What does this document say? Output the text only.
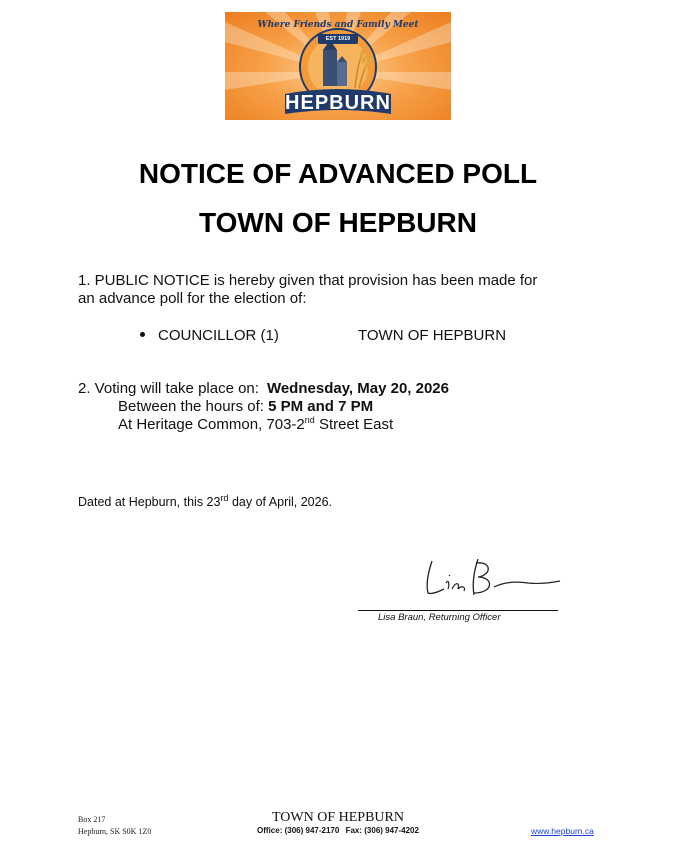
Where Friends and Family Meet
EST 1919
HEPBURN
NOTICE OF ADVANCED POLL
TOWN OF HEPBURN
1. PUBLIC NOTICE is hereby given that provision has been made for
an advance poll for the election of:
COUNCILLOR (1)	TOWN OF HEPBURN
2. Voting will take place on: Wednesday, May 20, 2026
Between the hours of: 5 PM and 7 PM
At Heritage Common, 703-2nd Street East
Dated at Hepburn, this 23rd day of April, 2026.
Lisa Braun, Returning Officer
Box 217
Hepburn, SK S0K 1Z0
TOWN OF HEPBURN
Office: (306) 947-2170 Fax: (306) 947-4202	www.hepburn.ca
